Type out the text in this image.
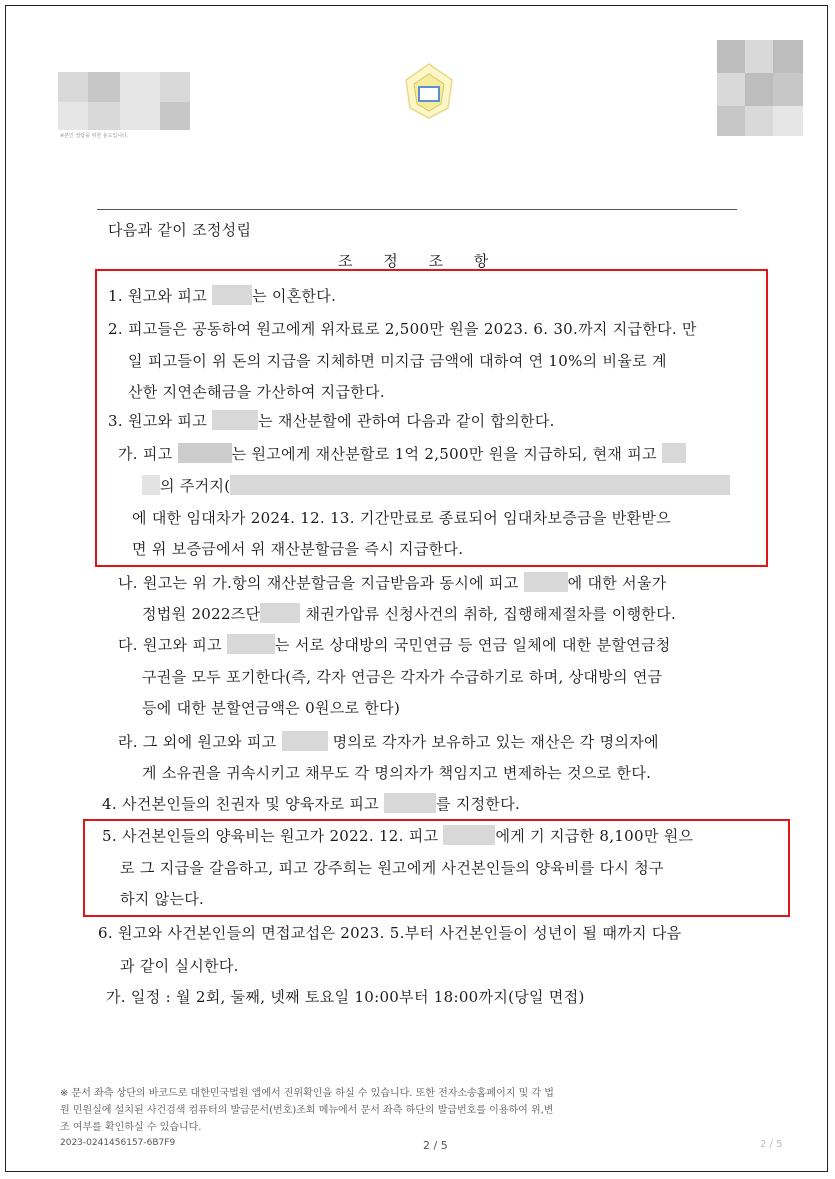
※본인 열람을 위한 용도입니다.
다음과 같이 조정성립
조 정 조 항
1. 원고와 피고	는 이혼한다.
2. 피고들은 공동하여 원고에게 위자료로 2,500만 원을 2023. 6. 30.까지 지급한다. 만
일 피고들이 위 돈의 지급을 지체하면 미지급 금액에 대하여 연 10%의 비율로 계
산한 지연손해금을 가산하여 지급한다.
3. 원고와 피고	는 재산분할에 관하여 다음과 같이 합의한다.
가. 피고	는 원고에게 재산분할로 1억 2,500만 원을 지급하되, 현재 피고
의 주거지(
에 대한 임대차가 2024. 12. 13. 기간만료로 종료되어 임대차보증금을 반환받으
면 위 보증금에서 위 재산분할금을 즉시 지급한다.
나. 원고는 위 가.항의 재산분할금을 지급받음과 동시에 피고	에 대한 서울가
정법원 2022즈단	채권가압류 신청사건의 취하, 집행해제절차를 이행한다.
다. 원고와 피고	는 서로 상대방의 국민연금 등 연금 일체에 대한 분할연금청
구권을 모두 포기한다(즉, 각자 연금은 각자가 수급하기로 하며, 상대방의 연금
등에 대한 분할연금액은 0원으로 한다)
라. 그 외에 원고와 피고	명의로 각자가 보유하고 있는 재산은 각 명의자에
게 소유권을 귀속시키고 채무도 각 명의자가 책임지고 변제하는 것으로 한다.
4. 사건본인들의 친권자 및 양육자로 피고	를 지정한다.
5. 사건본인들의 양육비는 원고가 2022. 12. 피고	에게 기 지급한 8,100만 원으
로 그 지급을 갈음하고, 피고 강주희는 원고에게 사건본인들의 양육비를 다시 청구
하지 않는다.
6. 원고와 사건본인들의 면접교섭은 2023. 5.부터 사건본인들이 성년이 될 때까지 다음
과 같이 실시한다.
가. 일정 : 월 2회, 둘째, 넷째 토요일 10:00부터 18:00까지(당일 면접)
※ 문서 좌측 상단의 바코드로 대한민국법원 앱에서 진위확인을 하실 수 있습니다. 또한 전자소송홈페이지 및 각 법
원 민원실에 설치된 사건검색 컴퓨터의 발급문서(번호)조회 메뉴에서 문서 좌측 하단의 발급번호를 이용하여 위,변
조 여부를 확인하실 수 있습니다.
2023-0241456157-6B7F9	2 / 5	2 / 5
